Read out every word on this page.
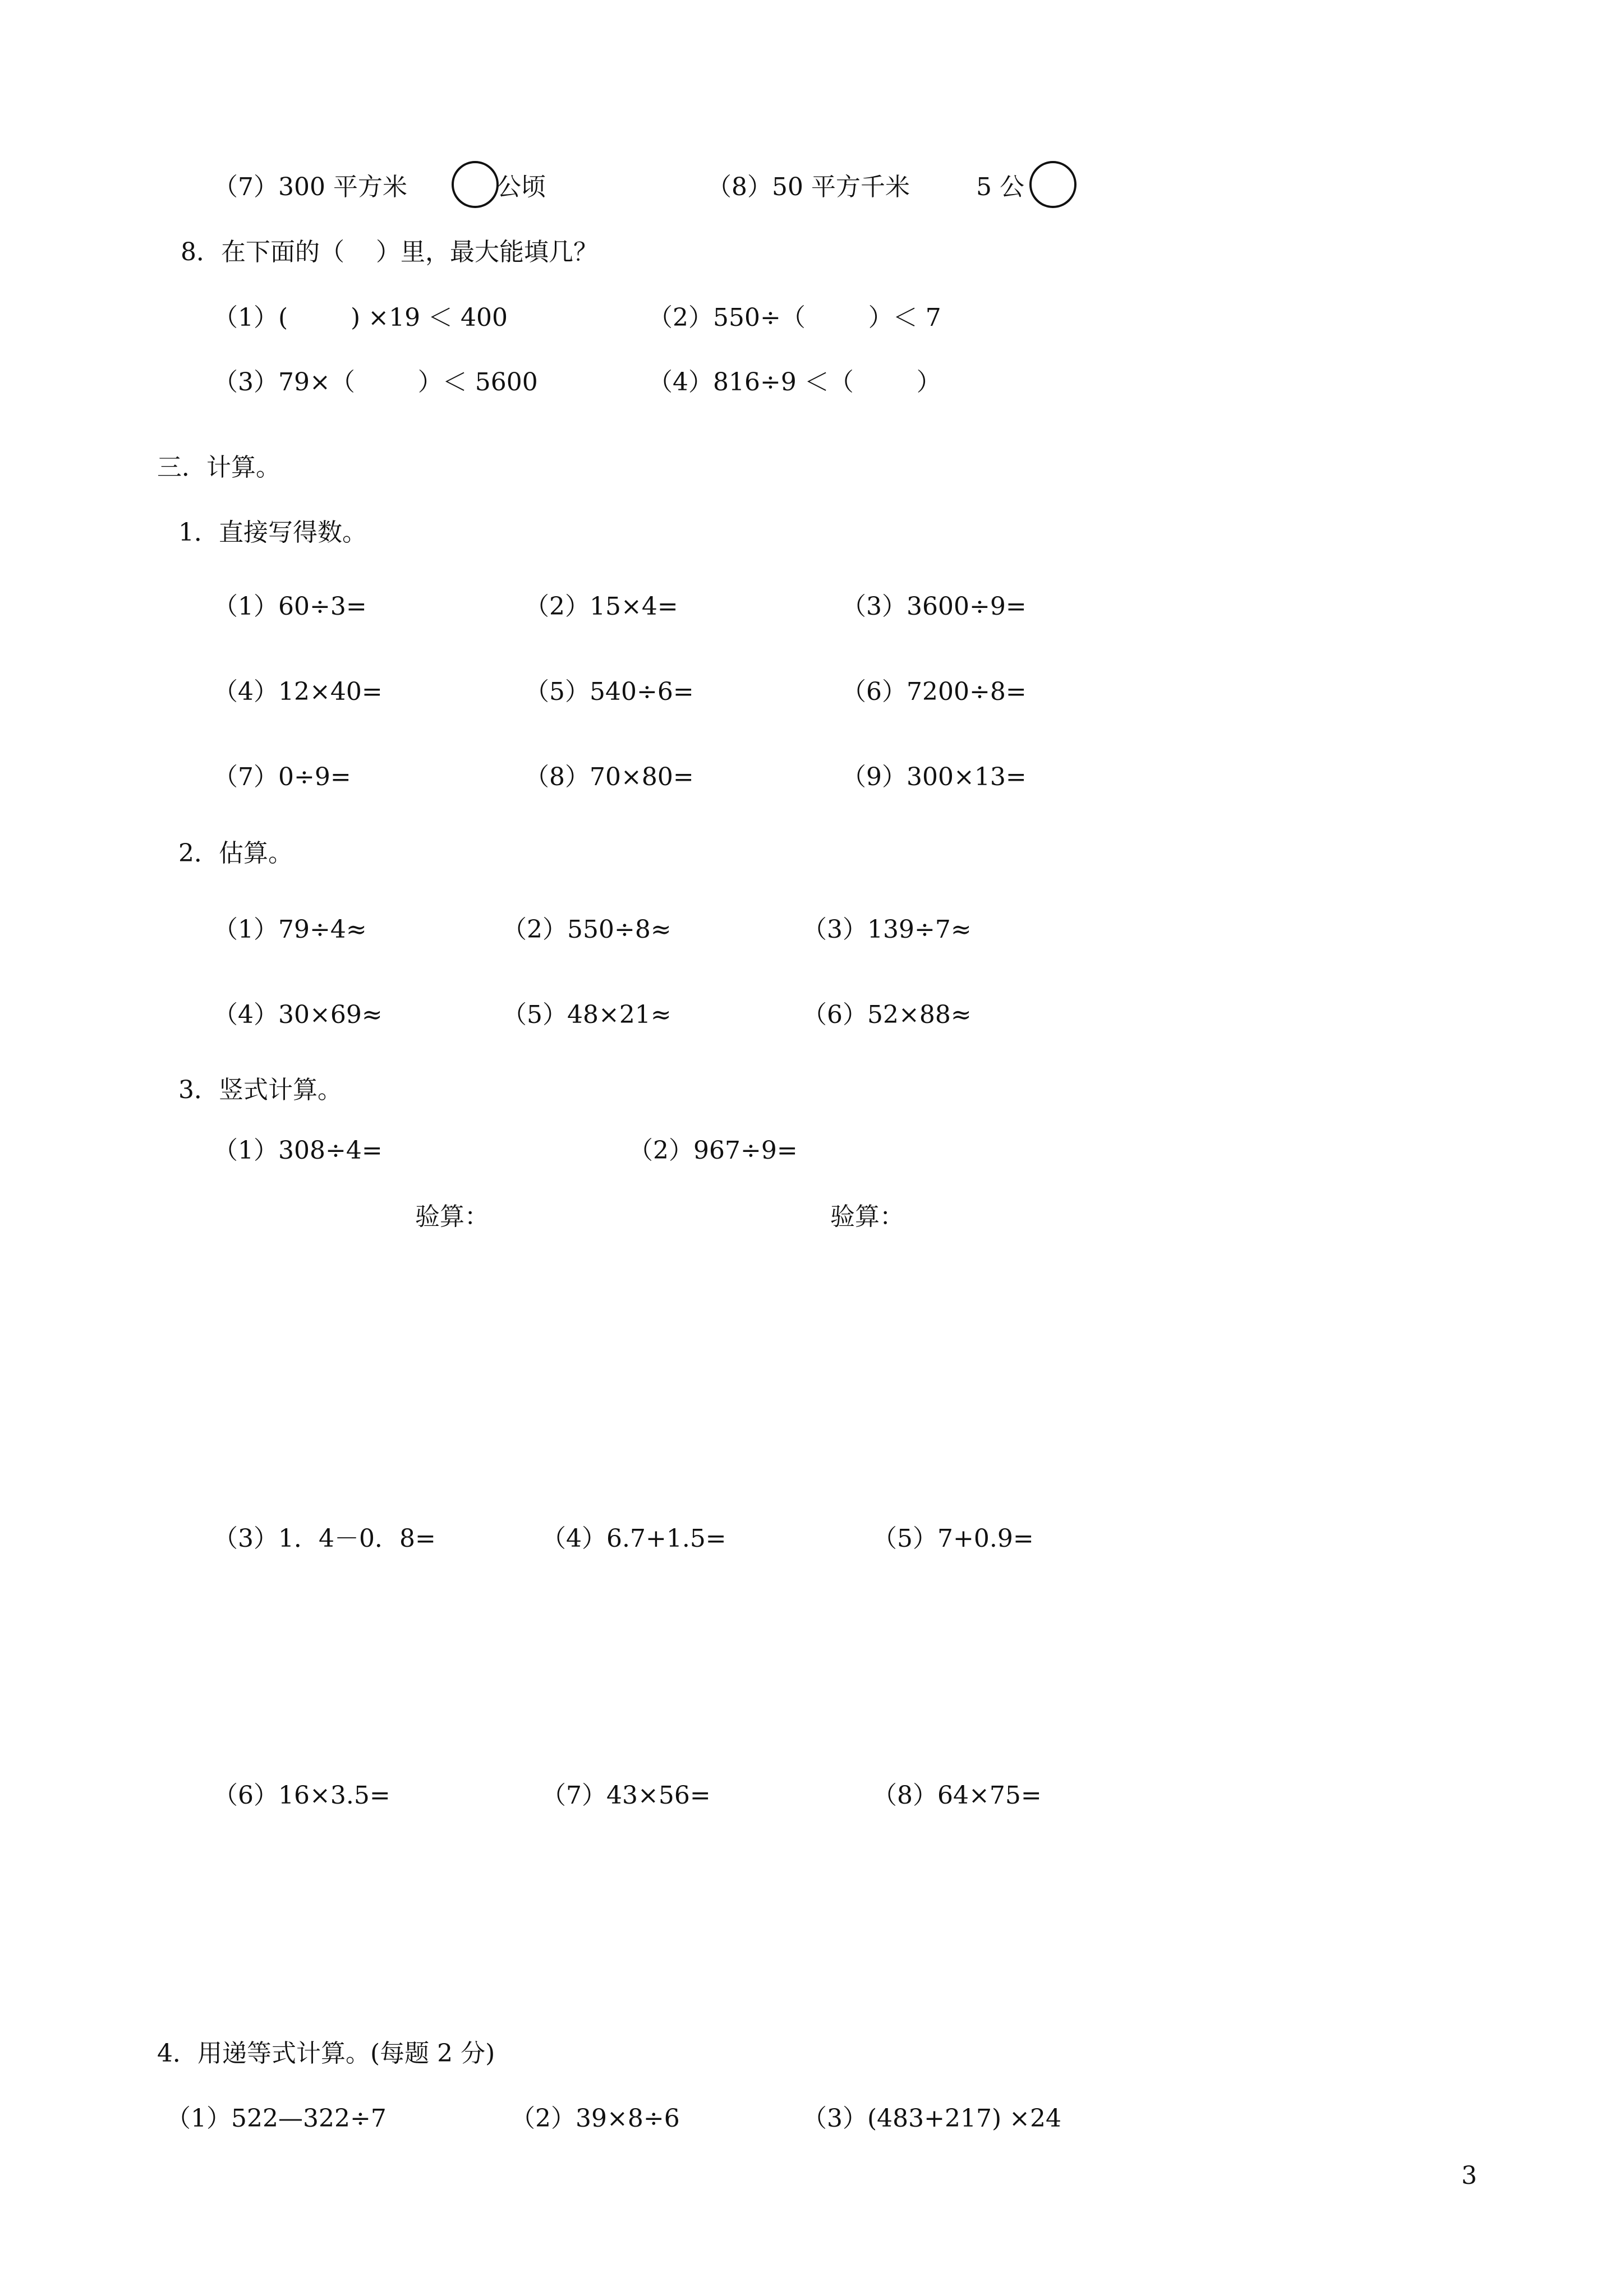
（7）300 平方米	公顷	（8）50 平方千米	5 公
8．在下面的（    ）里，最大能填几？
（1）(        ) ×19 ＜ 400	（2）550÷（        ）＜ 7
（3）79×（        ）＜ 5600	（4）816÷9 ＜（        ）
三．计算。
1．直接写得数。
（1）60÷3=	（2）15×4=	（3）3600÷9=
（4）12×40=	（5）540÷6=	（6）7200÷8=
（7）0÷9=	（8）70×80=	（9）300×13=
2．估算。
（1）79÷4≈	（2）550÷8≈	（3）139÷7≈
（4）30×69≈	（5）48×21≈	（6）52×88≈
3．竖式计算。
（1）308÷4=	（2）967÷9=
验算：	验算：
（3）1．4－0．8=	（4）6.7+1.5=	（5）7+0.9=
（6）16×3.5=	（7）43×56=	（8）64×75=
4．用递等式计算。(每题 2 分)
（1）522—322÷7	（2）39×8÷6	（3）(483+217) ×24
3
